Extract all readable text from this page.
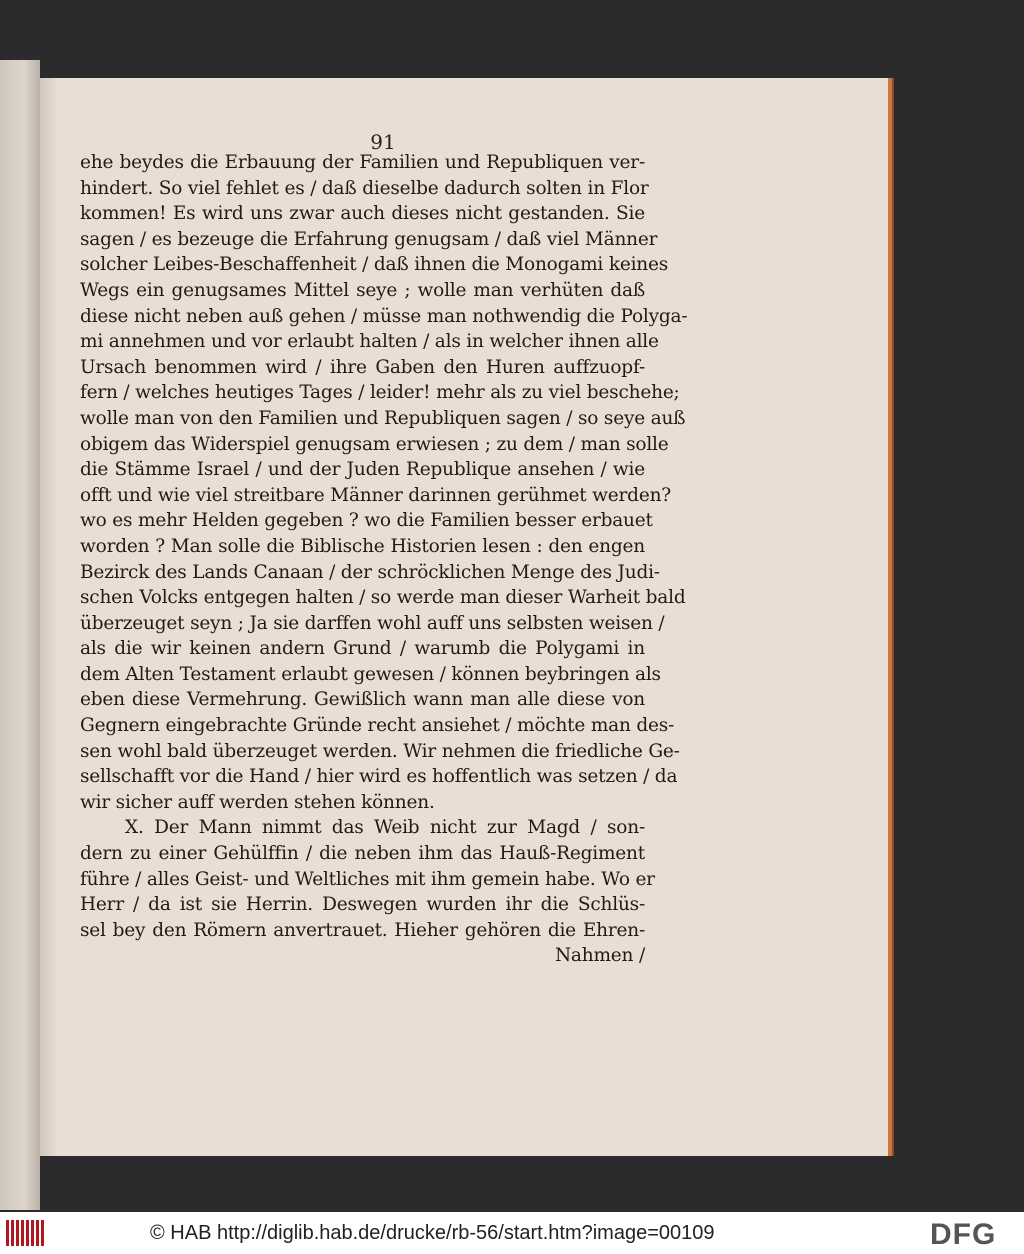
91
ehe beydes die Erbauung der Familien und Republiquen ver-
hindert. So viel fehlet es / daß dieselbe dadurch solten in Flor
kommen! Es wird uns zwar auch dieses nicht gestanden. Sie
sagen / es bezeuge die Erfahrung genugsam / daß viel Männer
solcher Leibes-Beschaffenheit / daß ihnen die Monogami keines
Wegs ein genugsames Mittel seye ; wolle man verhüten daß
diese nicht neben auß gehen / müsse man nothwendig die Polyga-
mi annehmen und vor erlaubt halten / als in welcher ihnen alle
Ursach benommen wird / ihre Gaben den Huren auffzuopf-
fern / welches heutiges Tages / leider! mehr als zu viel beschehe;
wolle man von den Familien und Republiquen sagen / so seye auß
obigem das Widerspiel genugsam erwiesen ; zu dem / man solle
die Stämme Israel / und der Juden Republique ansehen / wie
offt und wie viel streitbare Männer darinnen gerühmet werden?
wo es mehr Helden gegeben ? wo die Familien besser erbauet
worden ? Man solle die Biblische Historien lesen : den engen
Bezirck des Lands Canaan / der schröcklichen Menge des Judi-
schen Volcks entgegen halten / so werde man dieser Warheit bald
überzeuget seyn ; Ja sie darffen wohl auff uns selbsten weisen /
als die wir keinen andern Grund / warumb die Polygami in
dem Alten Testament erlaubt gewesen / können beybringen als
eben diese Vermehrung. Gewißlich wann man alle diese von
Gegnern eingebrachte Gründe recht ansiehet / möchte man des-
sen wohl bald überzeuget werden. Wir nehmen die friedliche Ge-
sellschafft vor die Hand / hier wird es hoffentlich was setzen / da
wir sicher auff werden stehen können.
X. Der Mann nimmt das Weib nicht zur Magd / son-
dern zu einer Gehülffin / die neben ihm das Hauß-Regiment
führe / alles Geist- und Weltliches mit ihm gemein habe. Wo er
Herr / da ist sie Herrin. Deswegen wurden ihr die Schlüs-
sel bey den Römern anvertrauet. Hieher gehören die Ehren-
Nahmen /
© HAB http://diglib.hab.de/drucke/rb-56/start.htm?image=00109	DFG
